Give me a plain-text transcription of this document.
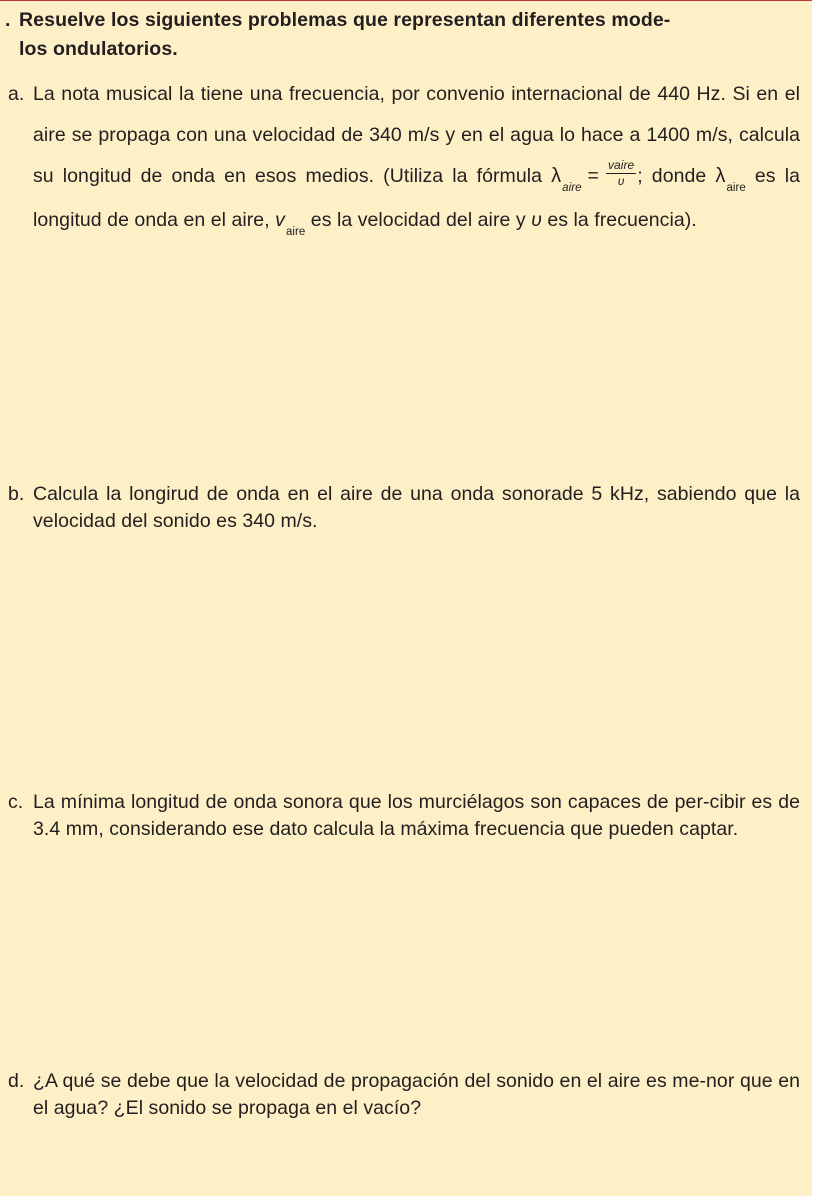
. Resuelve los siguientes problemas que representan diferentes mode-
los ondulatorios.
a. La nota musical la tiene una frecuencia, por convenio internacional de 440 Hz. Si en el aire se propaga con una velocidad de 340 m/s y en el agua lo hace a 1400 m/s, calcula su longitud de onda en esos medios. (Utiliza la fórmula $\lambda_{aire}= \frac{\text{vaire}}{\upsilon}$ ; donde $\lambda_{aire}$ es la longitud de onda en el aire, $v_{aire}$ es la velocidad del aire y υ es la frecuencia).
b. Calcula la longirud de onda en el aire de una onda sonorade 5 kHz, sabiendo que la velocidad del sonido es 340 m/s.
c. La mínima longitud de onda sonora que los murciélagos son capaces de per-cibir es de 3.4 mm, considerando ese dato calcula la máxima frecuencia que pueden captar.
d. ¿A qué se debe que la velocidad de propagación del sonido en el aire es me-nor que en el agua? ¿El sonido se propaga en el vacío?
